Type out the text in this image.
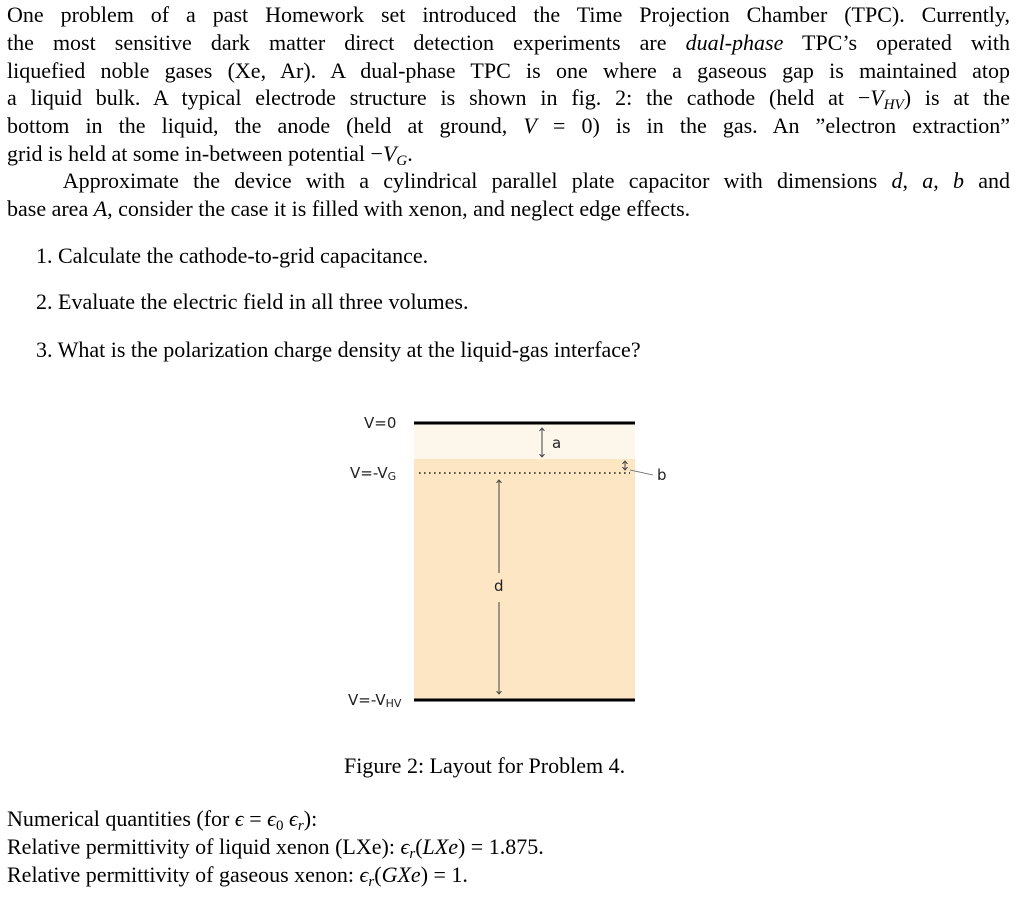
One problem of a past Homework set introduced the Time Projection Chamber (TPC). Currently,
the most sensitive dark matter direct detection experiments are dual-phase TPC’s operated with
liquefied noble gases (Xe, Ar). A dual-phase TPC is one where a gaseous gap is maintained atop
a liquid bulk. A typical electrode structure is shown in fig. 2: the cathode (held at $-V_{HV}$) is at the
bottom in the liquid, the anode (held at ground, V = 0) is in the gas. An ”electron extraction”
grid is held at some in-between potential $-V_G$.
Approximate the device with a cylindrical parallel plate capacitor with dimensions d, a, b and
base area A, consider the case it is filled with xenon, and neglect edge effects.
1. Calculate the cathode-to-grid capacitance.
2. Evaluate the electric field in all three volumes.
3. What is the polarization charge density at the liquid-gas interface?
V=0
$V=-V_G$
$V=-V_{HV}$
a
b
d
Figure 2: Layout for Problem 4.
Numerical quantities (for $\epsilon = \epsilon_0$ $\epsilon_r$):
Relative permittivity of liquid xenon (LXe): $\epsilon_r(LXe) = 1.875$.
Relative permittivity of gaseous xenon: $\epsilon_r(GXe) = 1$.
